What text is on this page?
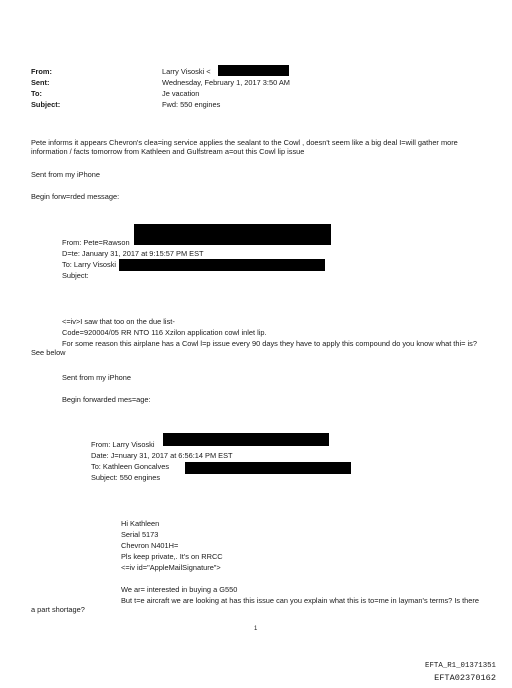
From:
Sent:
To:
Subject:
Larry Visoski <
Wednesday, February 1, 2017 3:50 AM
Je vacation
Fwd: 550 engines
Pete informs it appears Chevron's clea=ing service applies the sealant to the Cowl , doesn't seem like a big deal I=will gather more information / facts tomorrow from Kathleen and Gulfstream a=out this Cowl lip issue
Sent from my iPhone
Begin forw=rded message:
From: Pete=Rawson
D=te: January 31, 2017 at 9:15:57 PM EST
To: Larry Visoski
Subject:
<=iv>I saw that too on the due list-
Code=920004/05 RR NTO 116 Xzilon application cowl inlet lip.
For some reason this airplane has a Cowl l=p issue every 90 days they have to apply this compound do you know what thi= is? See below
Sent from my iPhone
Begin forwarded mes=age:
From: Larry Visoski
Date: J=nuary 31, 2017 at 6:56:14 PM EST
To: Kathleen Goncalves
Subject: 550 engines
Hi Kathleen
Serial 5173
Chevron N401H=
Pls keep private,. It's on RRCC
<=iv id="AppleMailSignature">
We ar= interested in buying a G550
But t=e aircraft we are looking at has this issue can you explain what this is to=me in layman's terms? Is there a part shortage?
1
EFTA_R1_01371351
EFTA02370162
